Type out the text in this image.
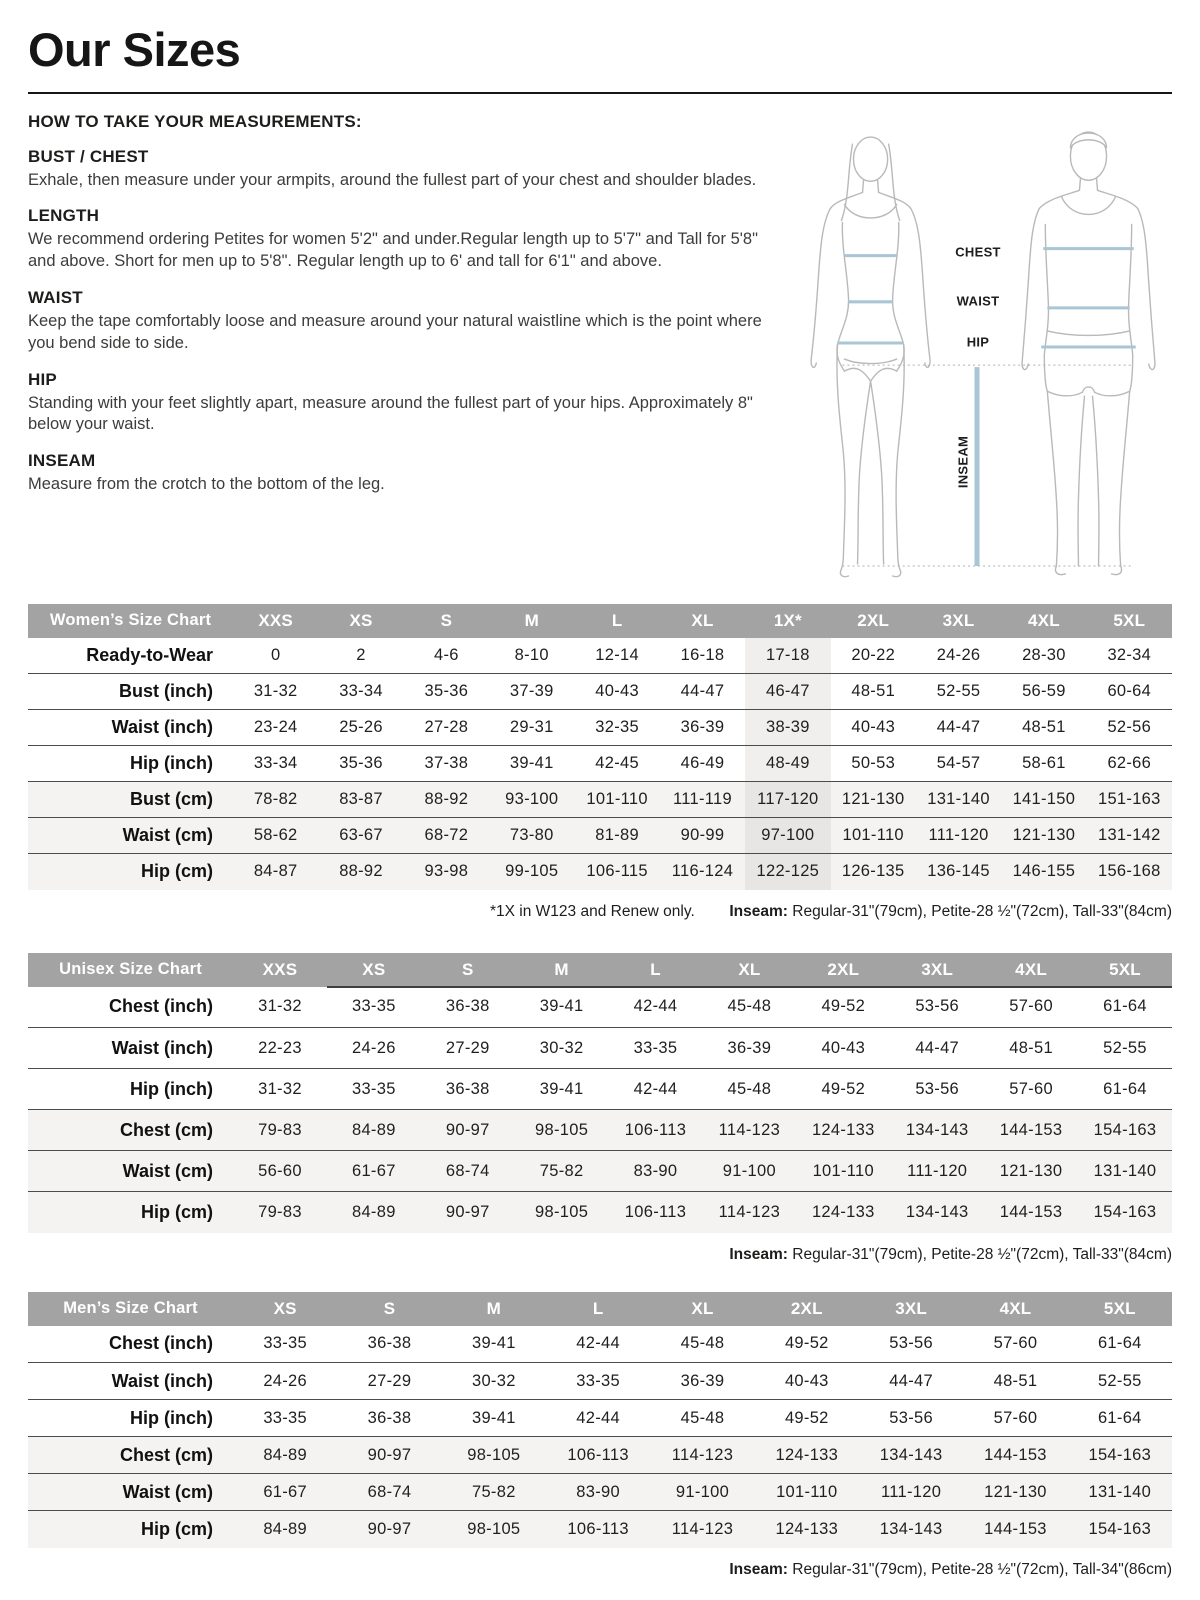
Our Sizes
HOW TO TAKE YOUR MEASUREMENTS:
BUST / CHEST

Exhale, then measure under your armpits, around the fullest part of your chest and shoulder blades.

LENGTH

We recommend ordering Petites for women 5'2" and under.Regular length up to 5'7" and Tall for 5'8" and above. Short for men up to 5'8". Regular length up to 6' and tall for 6'1" and above.

WAIST

Keep the tape comfortably loose and measure around your natural waistline which is the point where you bend side to side.

HIP

Standing with your feet slightly apart, measure around the fullest part of your hips. Approximately 8" below your waist.

INSEAM

Measure from the crotch to the bottom of the leg.

CHEST
WAIST
HIP
INSEAM
Women’s Size Chart	XXS	XS	S	M	L	XL	1X*	2XL	3XL	4XL	5XL
Ready-to-Wear	0	2	4-6	8-10	12-14	16-18	17-18	20-22	24-26	28-30	32-34
Bust (inch)	31-32	33-34	35-36	37-39	40-43	44-47	46-47	48-51	52-55	56-59	60-64
Waist (inch)	23-24	25-26	27-28	29-31	32-35	36-39	38-39	40-43	44-47	48-51	52-56
Hip (inch)	33-34	35-36	37-38	39-41	42-45	46-49	48-49	50-53	54-57	58-61	62-66
Bust (cm)	78-82	83-87	88-92	93-100	101-110	111-119	117-120	121-130	131-140	141-150	151-163
Waist (cm)	58-62	63-67	68-72	73-80	81-89	90-99	97-100	101-110	111-120	121-130	131-142
Hip (cm)	84-87	88-92	93-98	99-105	106-115	116-124	122-125	126-135	136-145	146-155	156-168
*1X in W123 and Renew only. Inseam: Regular-31"(79cm), Petite-28 ½"(72cm), Tall-33"(84cm)
Unisex Size Chart	XXS	XS	S	M	L	XL	2XL	3XL	4XL	5XL
Chest (inch)	31-32	33-35	36-38	39-41	42-44	45-48	49-52	53-56	57-60	61-64
Waist (inch)	22-23	24-26	27-29	30-32	33-35	36-39	40-43	44-47	48-51	52-55
Hip (inch)	31-32	33-35	36-38	39-41	42-44	45-48	49-52	53-56	57-60	61-64
Chest (cm)	79-83	84-89	90-97	98-105	106-113	114-123	124-133	134-143	144-153	154-163
Waist (cm)	56-60	61-67	68-74	75-82	83-90	91-100	101-110	111-120	121-130	131-140
Hip (cm)	79-83	84-89	90-97	98-105	106-113	114-123	124-133	134-143	144-153	154-163
Inseam: Regular-31"(79cm), Petite-28 ½"(72cm), Tall-33"(84cm)
Men’s Size Chart	XS	S	M	L	XL	2XL	3XL	4XL	5XL
Chest (inch)	33-35	36-38	39-41	42-44	45-48	49-52	53-56	57-60	61-64
Waist (inch)	24-26	27-29	30-32	33-35	36-39	40-43	44-47	48-51	52-55
Hip (inch)	33-35	36-38	39-41	42-44	45-48	49-52	53-56	57-60	61-64
Chest (cm)	84-89	90-97	98-105	106-113	114-123	124-133	134-143	144-153	154-163
Waist (cm)	61-67	68-74	75-82	83-90	91-100	101-110	111-120	121-130	131-140
Hip (cm)	84-89	90-97	98-105	106-113	114-123	124-133	134-143	144-153	154-163
Inseam: Regular-31"(79cm), Petite-28 ½"(72cm), Tall-34"(86cm)
